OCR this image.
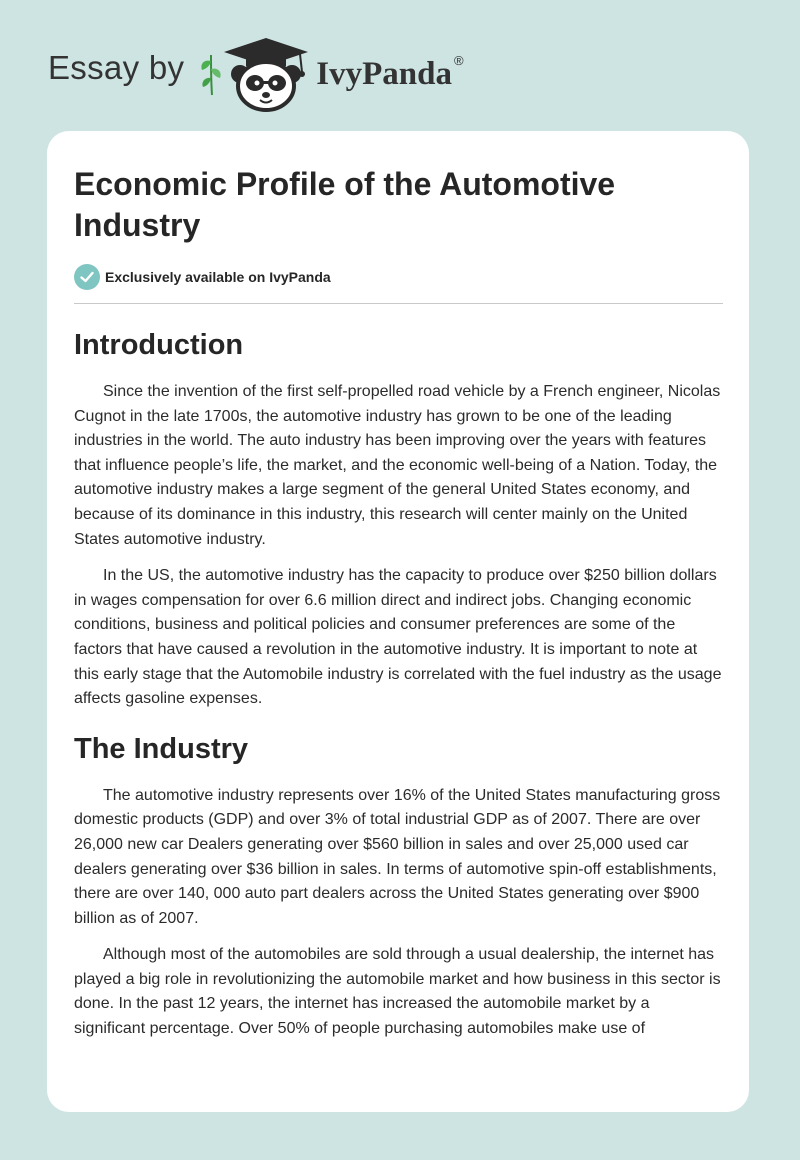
Essay by	IvyPanda ®
Economic Profile of the Automotive Industry
Exclusively available on IvyPanda
Introduction

Since the invention of the first self-propelled road vehicle by a French engineer, Nicolas Cugnot in the late 1700s, the automotive industry has grown to be one of the leading industries in the world. The auto industry has been improving over the years with features that influence people’s life, the market, and the economic well-being of a Nation. Today, the automotive industry makes a large segment of the general United States economy, and because of its dominance in this industry, this research will center mainly on the United States automotive industry.

In the US, the automotive industry has the capacity to produce over $250 billion dollars in wages compensation for over 6.6 million direct and indirect jobs. Changing economic conditions, business and political policies and consumer preferences are some of the factors that have caused a revolution in the automotive industry. It is important to note at this early stage that the Automobile industry is correlated with the fuel industry as the usage affects gasoline expenses.

The Industry

The automotive industry represents over 16% of the United States manufacturing gross domestic products (GDP) and over 3% of total industrial GDP as of 2007. There are over 26,000 new car Dealers generating over $560 billion in sales and over 25,000 used car dealers generating over $36 billion in sales. In terms of automotive spin-off establishments, there are over 140, 000 auto part dealers across the United States generating over $900 billion as of 2007.

Although most of the automobiles are sold through a usual dealership, the internet has played a big role in revolutionizing the automobile market and how business in this sector is done. In the past 12 years, the internet has increased the automobile market by a significant percentage. Over 50% of people purchasing automobiles make use of
